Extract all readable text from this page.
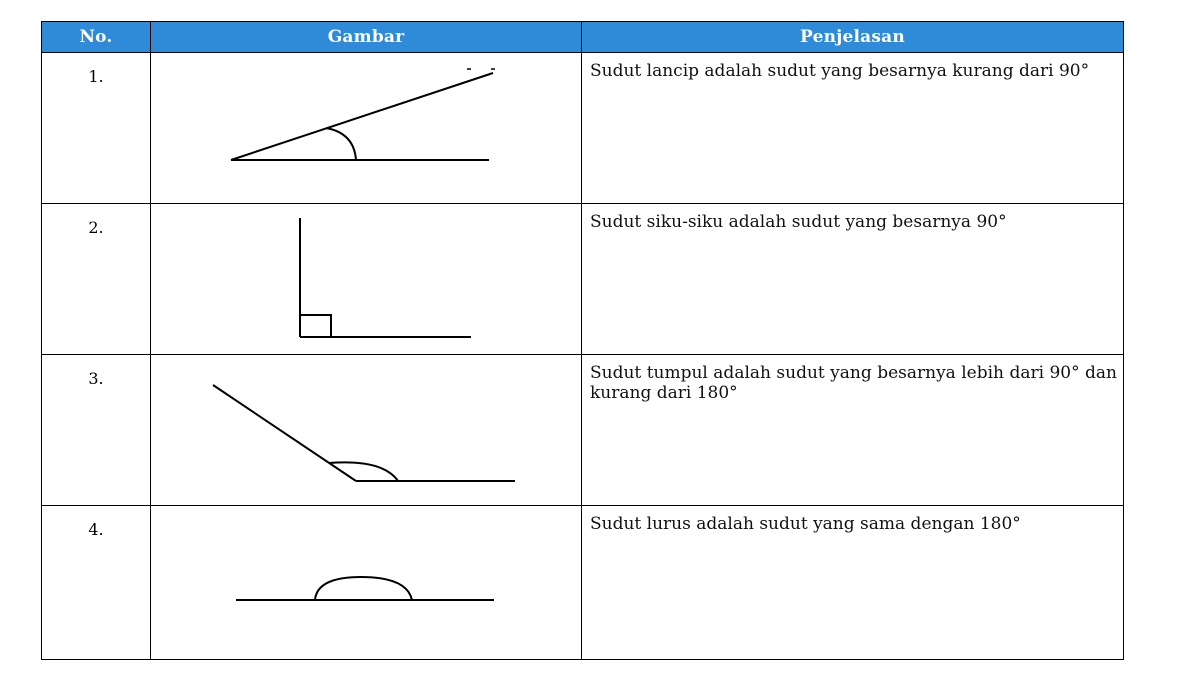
No.	Gambar	Penjelasan
1.		Sudut lancip adalah sudut yang besarnya kurang dari 90°
2.		Sudut siku-siku adalah sudut yang besarnya 90°
3.		Sudut tumpul adalah sudut yang besarnya lebih dari 90° dan kurang dari 180°
4.		Sudut lurus adalah sudut yang sama dengan 180°
